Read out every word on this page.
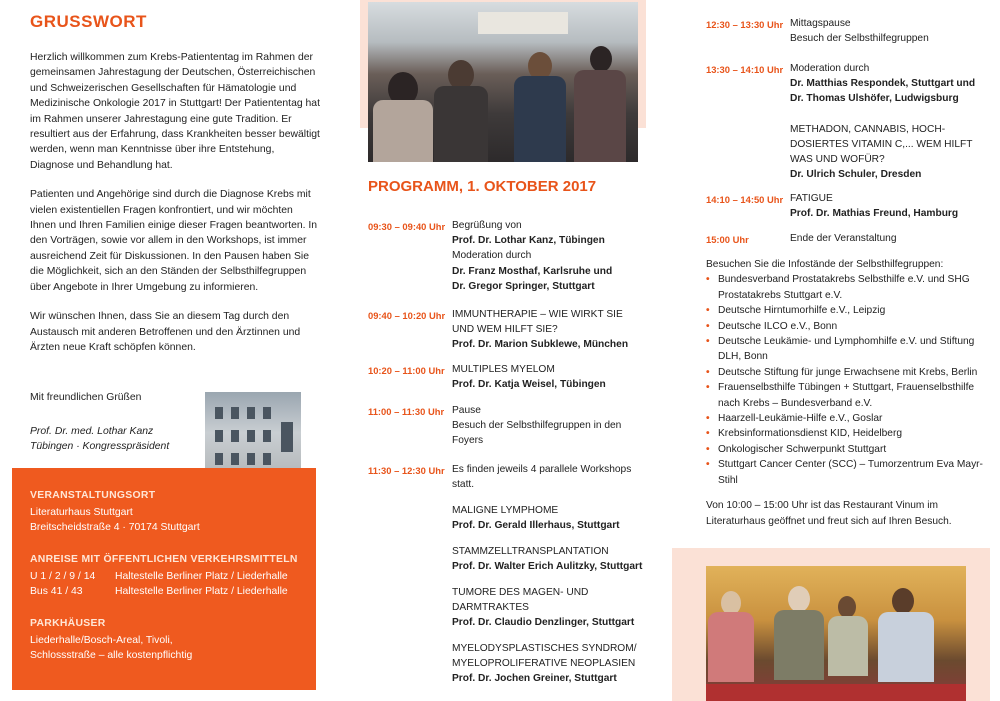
GRUSSWORT

Herzlich willkommen zum Krebs-Patiententag im Rahmen der gemeinsamen Jahrestagung der Deutschen, Österreichischen und Schweizerischen Gesellschaften für Hämatologie und Medizinische Onkologie 2017 in Stuttgart! Der Patiententag hat im Rahmen unserer Jahrestagung eine gute Tradition. Er resultiert aus der Erfahrung, dass Krankheiten besser bewältigt werden, wenn man Kenntnisse über ihre Entstehung, Diagnose und Behandlung hat.

Patienten und Angehörige sind durch die Diagnose Krebs mit vielen existentiellen Fragen konfrontiert, und wir möchten Ihnen und Ihren Familien einige dieser Fragen beantworten. In den Vorträgen, sowie vor allem in den Workshops, ist immer ausreichend Zeit für Diskussionen. In den Pausen haben Sie die Möglichkeit, sich an den Ständen der Selbsthilfegruppen über Angebote in Ihrer Umgebung zu informieren.

Wir wünschen Ihnen, dass Sie an diesem Tag durch den Austausch mit anderen Betroffenen und den Ärztinnen und Ärzten neue Kraft schöpfen können.

Mit freundlichen Grüßen
Prof. Dr. med. Lothar Kanz
Tübingen · Kongresspräsident
VERANSTALTUNGSORT
Literaturhaus Stuttgart
Breitscheidstraße 4 · 70174 Stuttgart
ANREISE MIT ÖFFENTLICHEN VERKEHRSMITTELN
U 1 / 2 / 9 / 14 Haltestelle Berliner Platz / Liederhalle
Bus 41 / 43	Haltestelle Berliner Platz / Liederhalle
PARKHÄUSER
Liederhalle/Bosch-Areal, Tivoli,
Schlossstraße – alle kostenpflichtig
PROGRAMM, 1. OKTOBER 2017
09:30 – 09:40 Uhr Begrüßung von
Prof. Dr. Lothar Kanz, Tübingen
Moderation durch
Dr. Franz Mosthaf, Karlsruhe und
Dr. Gregor Springer, Stuttgart
09:40 – 10:20 Uhr IMMUNTHERAPIE – WIE WIRKT SIE
UND WEM HILFT SIE?
Prof. Dr. Marion Subklewe, München
10:20 – 11:00 Uhr MULTIPLES MYELOM
Prof. Dr. Katja Weisel, Tübingen
11:00 – 11:30 Uhr Pause
Besuch der Selbsthilfegruppen in den
Foyers
11:30 – 12:30 Uhr Es finden jeweils 4 parallele Workshops
statt.
MALIGNE LYMPHOME
Prof. Dr. Gerald Illerhaus, Stuttgart
STAMMZELLTRANSPLANTATION
Prof. Dr. Walter Erich Aulitzky, Stuttgart
TUMORE DES MAGEN- UND
DARMTRAKTES
Prof. Dr. Claudio Denzlinger, Stuttgart
MYELODYSPLASTISCHES SYNDROM/
MYELOPROLIFERATIVE NEOPLASIEN
Prof. Dr. Jochen Greiner, Stuttgart
12:30 – 13:30 Uhr Mittagspause
Besuch der Selbsthilfegruppen
13:30 – 14:10 Uhr Moderation durch
Dr. Matthias Respondek, Stuttgart und
Dr. Thomas Ulshöfer, Ludwigsburg
METHADON, CANNABIS, HOCH-
DOSIERTES VITAMIN C,... WEM HILFT
WAS UND WOFÜR?
Dr. Ulrich Schuler, Dresden
14:10 – 14:50 Uhr FATIGUE
Prof. Dr. Mathias Freund, Hamburg
15:00 Uhr	Ende der Veranstaltung
Besuchen Sie die Infostände der Selbsthilfegruppen:
• Bundesverband Prostatakrebs Selbsthilfe e.V. und SHG Prostatakrebs Stuttgart e.V.
• Deutsche Hirntumorhilfe e.V., Leipzig
• Deutsche ILCO e.V., Bonn
• Deutsche Leukämie- und Lymphomhilfe e.V. und Stiftung DLH, Bonn
• Deutsche Stiftung für junge Erwachsene mit Krebs, Berlin
• Frauenselbsthilfe Tübingen + Stuttgart, Frauenselbsthilfe nach Krebs – Bundesverband e.V.
• Haarzell-Leukämie-Hilfe e.V., Goslar
• Krebsinformationsdienst KID, Heidelberg
• Onkologischer Schwerpunkt Stuttgart
• Stuttgart Cancer Center (SCC) – Tumorzentrum Eva Mayr-Stihl
Von 10:00 – 15:00 Uhr ist das Restaurant Vinum im Literaturhaus geöffnet und freut sich auf Ihren Besuch.
